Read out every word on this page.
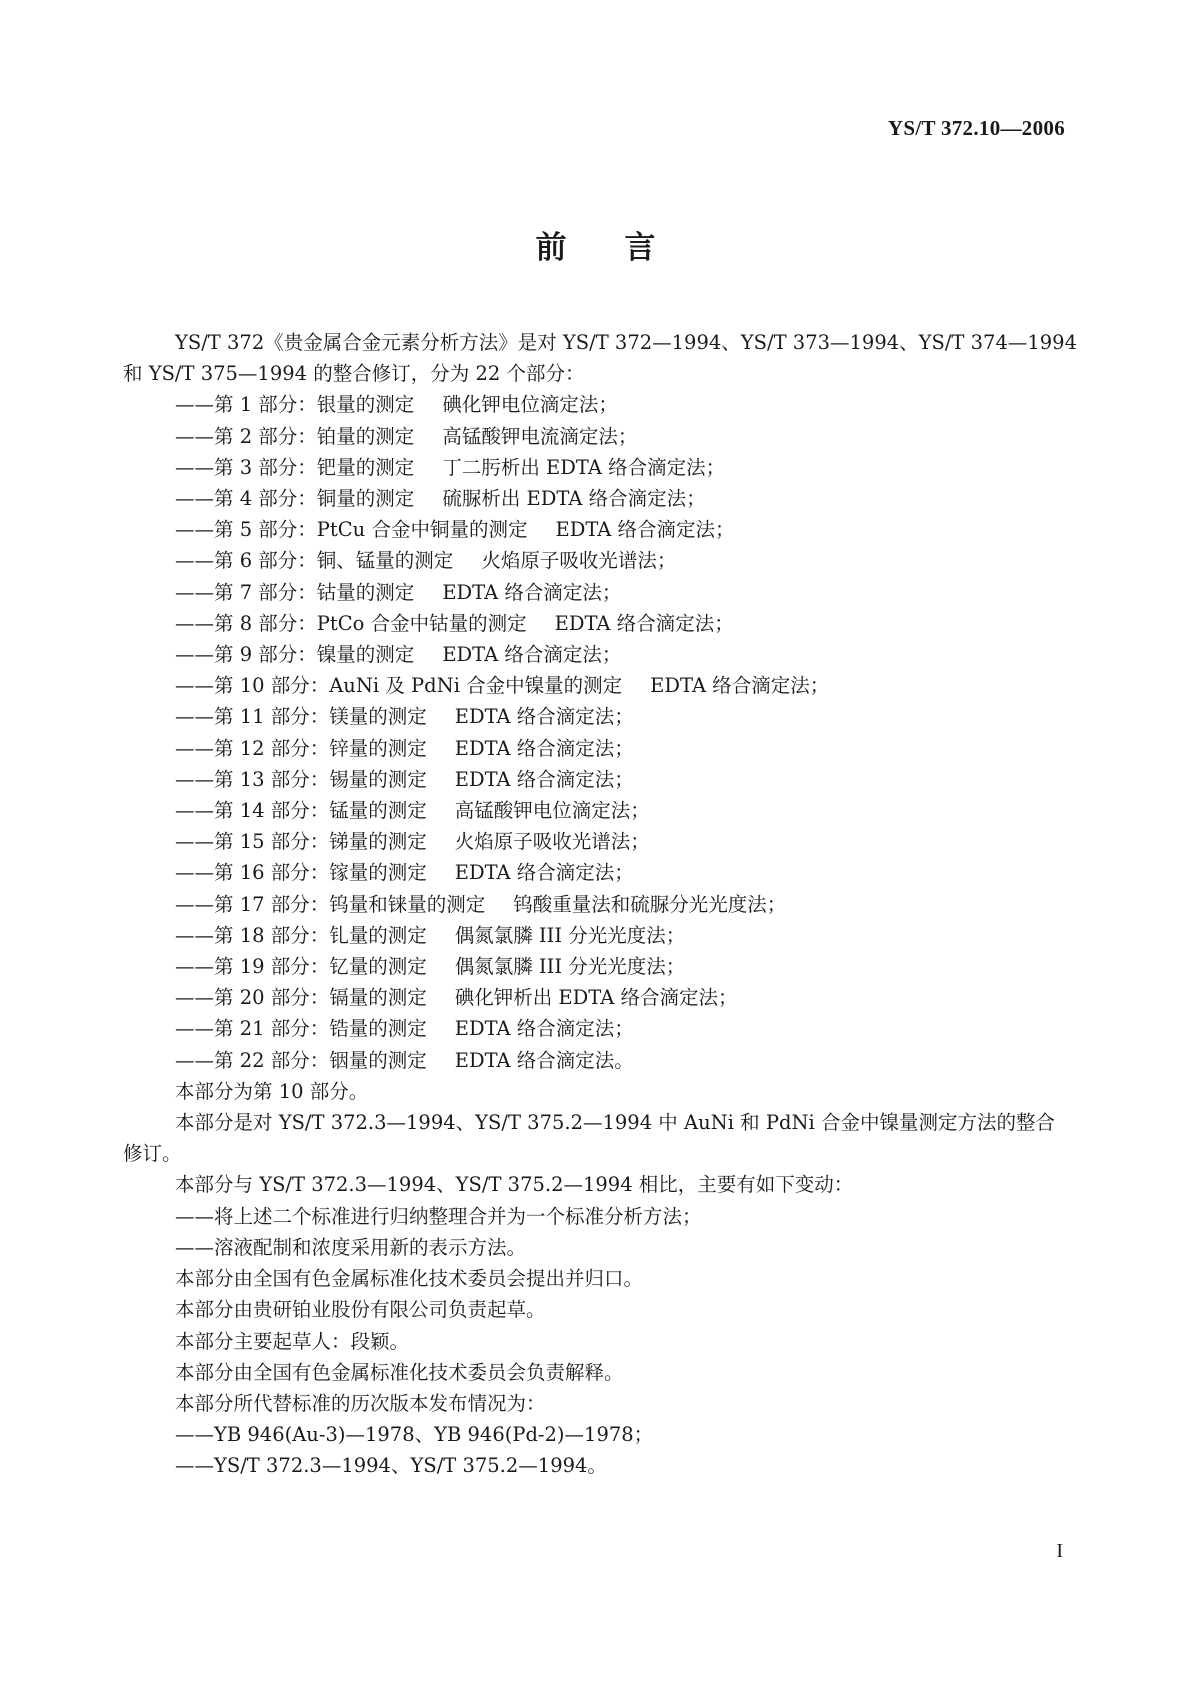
YS/T 372.10—2006
前言
YS/T 372《贵金属合金元素分析方法》是对 YS/T 372—1994、YS/T 373—1994、YS/T 374—1994
和 YS/T 375—1994 的整合修订，分为 22 个部分：
——第 1 部分：银量的测定 碘化钾电位滴定法；
——第 2 部分：铂量的测定 高锰酸钾电流滴定法；
——第 3 部分：钯量的测定 丁二肟析出 EDTA 络合滴定法；
——第 4 部分：铜量的测定 硫脲析出 EDTA 络合滴定法；
——第 5 部分：PtCu 合金中铜量的测定 EDTA 络合滴定法；
——第 6 部分：铜、锰量的测定 火焰原子吸收光谱法；
——第 7 部分：钴量的测定 EDTA 络合滴定法；
——第 8 部分：PtCo 合金中钴量的测定 EDTA 络合滴定法；
——第 9 部分：镍量的测定 EDTA 络合滴定法；
——第 10 部分：AuNi 及 PdNi 合金中镍量的测定 EDTA 络合滴定法；
——第 11 部分：镁量的测定 EDTA 络合滴定法；
——第 12 部分：锌量的测定 EDTA 络合滴定法；
——第 13 部分：锡量的测定 EDTA 络合滴定法；
——第 14 部分：锰量的测定 高锰酸钾电位滴定法；
——第 15 部分：锑量的测定 火焰原子吸收光谱法；
——第 16 部分：镓量的测定 EDTA 络合滴定法；
——第 17 部分：钨量和铼量的测定 钨酸重量法和硫脲分光光度法；
——第 18 部分：钆量的测定 偶氮氯膦 III 分光光度法；
——第 19 部分：钇量的测定 偶氮氯膦 III 分光光度法；
——第 20 部分：镉量的测定 碘化钾析出 EDTA 络合滴定法；
——第 21 部分：锆量的测定 EDTA 络合滴定法；
——第 22 部分：铟量的测定 EDTA 络合滴定法。
本部分为第 10 部分。
本部分是对 YS/T 372.3—1994、YS/T 375.2—1994 中 AuNi 和 PdNi 合金中镍量测定方法的整合修订。
本部分与 YS/T 372.3—1994、YS/T 375.2—1994 相比，主要有如下变动：
——将上述二个标准进行归纳整理合并为一个标准分析方法；
——溶液配制和浓度采用新的表示方法。
本部分由全国有色金属标准化技术委员会提出并归口。
本部分由贵研铂业股份有限公司负责起草。
本部分主要起草人：段颖。
本部分由全国有色金属标准化技术委员会负责解释。
本部分所代替标准的历次版本发布情况为：
——YB 946(Au-3)—1978、YB 946(Pd-2)—1978；
——YS/T 372.3—1994、YS/T 375.2—1994。
I
